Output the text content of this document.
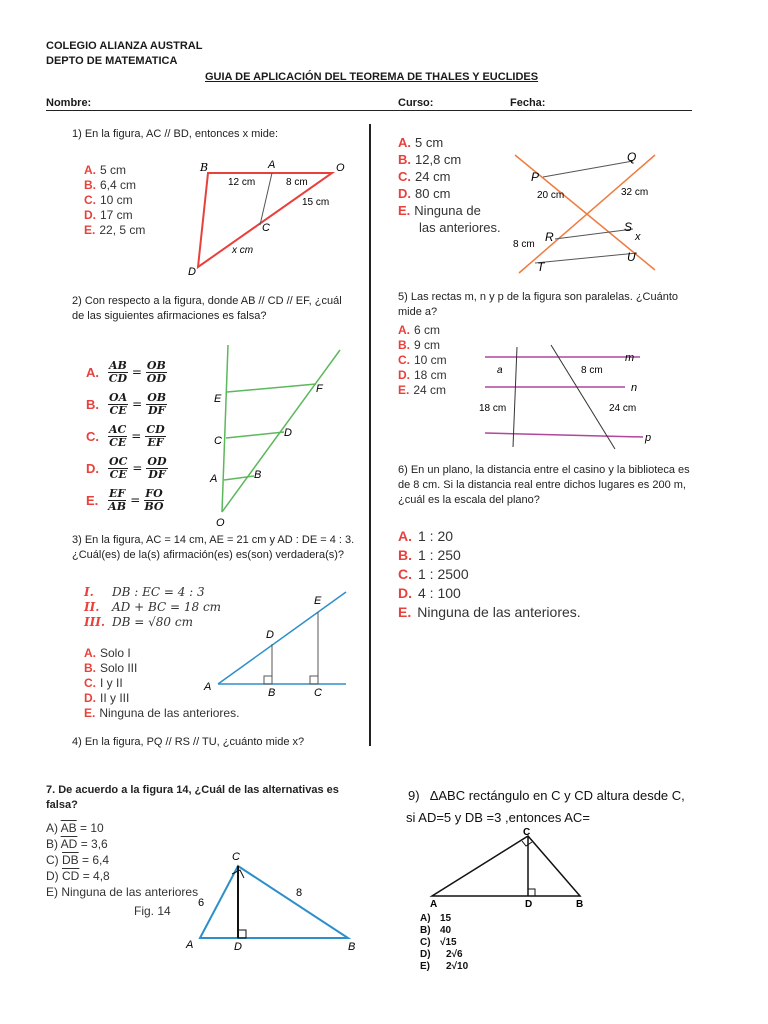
COLEGIO ALIANZA AUSTRAL
DEPTO DE MATEMATICA
GUIA DE APLICACIÓN DEL TEOREMA DE THALES Y EUCLIDES
Nombre:	Curso:	Fecha:
1) En la figura, AC // BD, entonces x mide:
A. 5 cm
B. 6,4 cm
C. 10 cm
D. 17 cm
E. 22, 5 cm
B	A	O
C
D
12 cm	8 cm
15 cm
x cm
2) Con respecto a la figura, donde AB // CD // EF, ¿cuál de las siguientes afirmaciones es falsa?
A. $\frac{AB}{CD} = \frac{OB}{OD}$
B. $\frac{OA}{CE} = \frac{OB}{DF}$
C. $\frac{AC}{CE} = \frac{CD}{EF}$
D. $\frac{OC}{CE} = \frac{OD}{DF}$
E. $\frac{EF}{AB} = \frac{FO}{BO}$
E
F
C
D
A	B
O
3) En la figura, AC = 14 cm, AE = 21 cm y AD : DE = 4 : 3. ¿Cuál(es) de la(s) afirmación(es) es(son) verdadera(s)?
I. DB : EC = 4 : 3
II. AD + BC = 18 cm
III. DB = √80 cm
A. Solo I
B. Solo III
C. I y II
D. II y III
E. Ninguna de las anteriores.
E
D
A	B	C
4) En la figura, PQ // RS // TU, ¿cuánto mide x?
A. 5 cm
B. 12,8 cm
C. 24 cm
D. 80 cm
E. Ninguna de
las anteriores.
Q
P
R
S
x
T
U
20 cm	32 cm
8 cm
5) Las rectas m, n y p de la figura son paralelas. ¿Cuánto mide a?
A. 6 cm
B. 9 cm
C. 10 cm
D. 18 cm
E. 24 cm
m
n
p
a	8 cm
18 cm	24 cm
6) En un plano, la distancia entre el casino y la biblioteca es de 8 cm. Si la distancia real entre dichos lugares es 200 m, ¿cuál es la escala del plano?
A. 1 : 20
B. 1 : 250
C. 1 : 2500
D. 4 : 100
E. Ninguna de las anteriores.
7. De acuerdo a la figura 14, ¿Cuál de las alternativas es falsa?
A) $\overline{AB} = 10$
B) $\overline{AD} = 3,6$
C) $\overline{DB} = 6,4$
D) $\overline{CD} = 4,8$
E) Ninguna de las anteriores
Fig. 14
C
A	D	B
6
8
9) ΔABC rectángulo en C y CD altura desde C,
si AD=5 y DB =3 ,entonces AC=
C
A	D	B
A) 15
B) 40
C) √15
D) 2√6
E) 2√10
